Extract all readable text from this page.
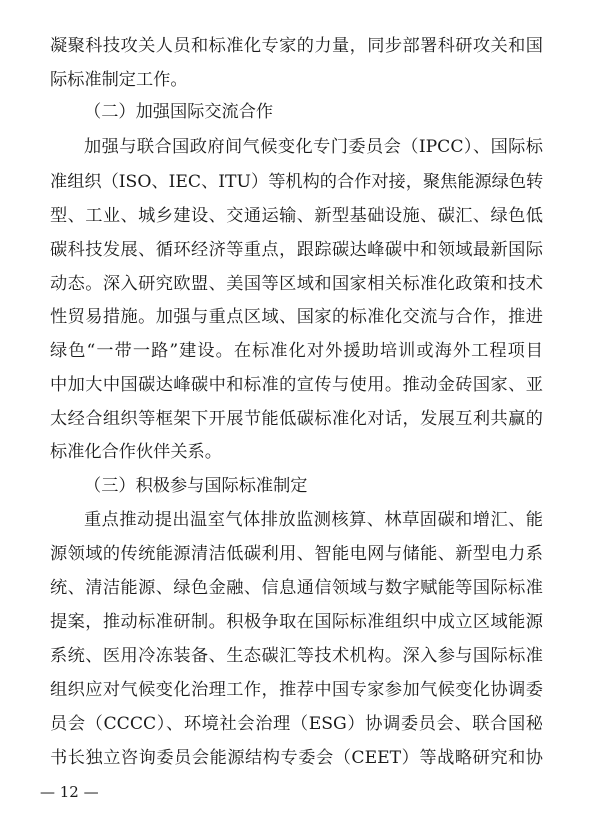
凝聚科技攻关人员和标准化专家的力量，同步部署科研攻关和国
际标准制定工作。
（二）加强国际交流合作
加强与联合国政府间气候变化专门委员会（IPCC）、国际标
准组织（ISO、IEC、ITU）等机构的合作对接，聚焦能源绿色转
型、工业、城乡建设、交通运输、新型基础设施、碳汇、绿色低
碳科技发展、循环经济等重点，跟踪碳达峰碳中和领域最新国际
动态。深入研究欧盟、美国等区域和国家相关标准化政策和技术
性贸易措施。加强与重点区域、国家的标准化交流与合作，推进
绿色“一带一路”建设。在标准化对外援助培训或海外工程项目
中加大中国碳达峰碳中和标准的宣传与使用。推动金砖国家、亚
太经合组织等框架下开展节能低碳标准化对话，发展互利共赢的
标准化合作伙伴关系。
（三）积极参与国际标准制定
重点推动提出温室气体排放监测核算、林草固碳和增汇、能
源领域的传统能源清洁低碳利用、智能电网与储能、新型电力系
统、清洁能源、绿色金融、信息通信领域与数字赋能等国际标准
提案，推动标准研制。积极争取在国际标准组织中成立区域能源
系统、医用冷冻装备、生态碳汇等技术机构。深入参与国际标准
组织应对气候变化治理工作，推荐中国专家参加气候变化协调委
员会（CCCC）、环境社会治理（ESG）协调委员会、联合国秘
书长独立咨询委员会能源结构专委会（CEET）等战略研究和协
— 12 —
